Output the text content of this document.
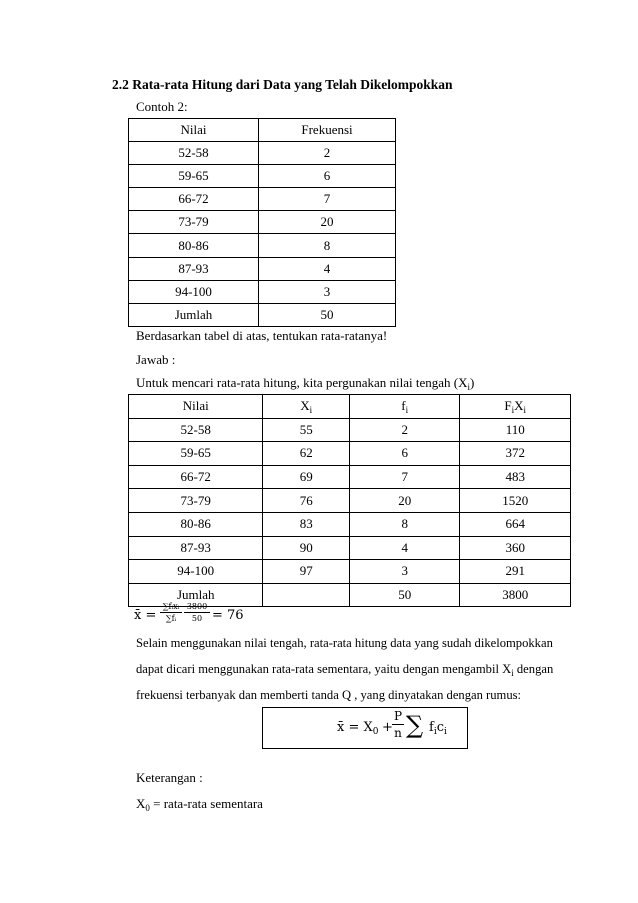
2.2 Rata-rata Hitung dari Data yang Telah Dikelompokkan
Contoh 2:
Nilai	Frekuensi
52-58	2
59-65	6
66-72	7
73-79	20
80-86	8
87-93	4
94-100	3
Jumlah	50
Berdasarkan tabel di atas, tentukan rata-ratanya!
Jawab :
Untuk mencari rata-rata hitung, kita pergunakan nilai tengah $(X_i)$
Nilai	$X_i$	$f_i$	$F_iX_i$
52-58	55	2	110
59-65	62	6	372
66-72	69	7	483
73-79	76	20	1520
80-86	83	8	664
87-93	90	4	360
94-100	97	3	291
Jumlah		50	3800
x̄ =
∑fᵢxᵢ
∑fᵢ
3800
50 = 76
Selain menggunakan nilai tengah, rata-rata hitung data yang sudah dikelompokkan
dapat dicari menggunakan rata-rata sementara, yaitu dengan mengambil $X_i$ dengan
frekuensi terbanyak dan memberti tanda Q , yang dinyatakan dengan rumus:
x̄ = $X_0$ +
P
n ∑ $f_ic_i$
Keterangan :
$X_0$ = rata-rata sementara
